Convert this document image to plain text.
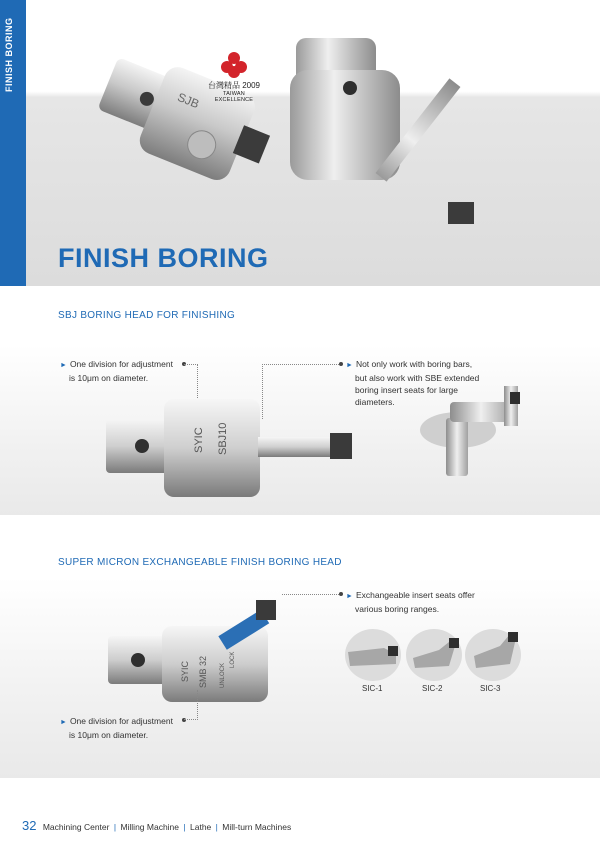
FINISH BORING
SJB
台灣精品 2009
TAIWAN EXCELLENCE
FINISH BORING
SBJ BORING HEAD FOR FINISHING
► One division for adjustment
is 10μm on diameter.
► Not only work with boring bars,
but also work with SBE extended
boring insert seats for large
diameters.
SYIC SBJ10
SUPER MICRON EXCHANGEABLE FINISH BORING HEAD
► Exchangeable insert seats offer
various boring ranges.
SYIC SMB 32 UNLOCK
LOCK
► One division for adjustment
is 10μm on diameter.
SIC-1	SIC-2	SIC-3
32 Machining Center | Milling Machine | Lathe | Mill-turn Machines
